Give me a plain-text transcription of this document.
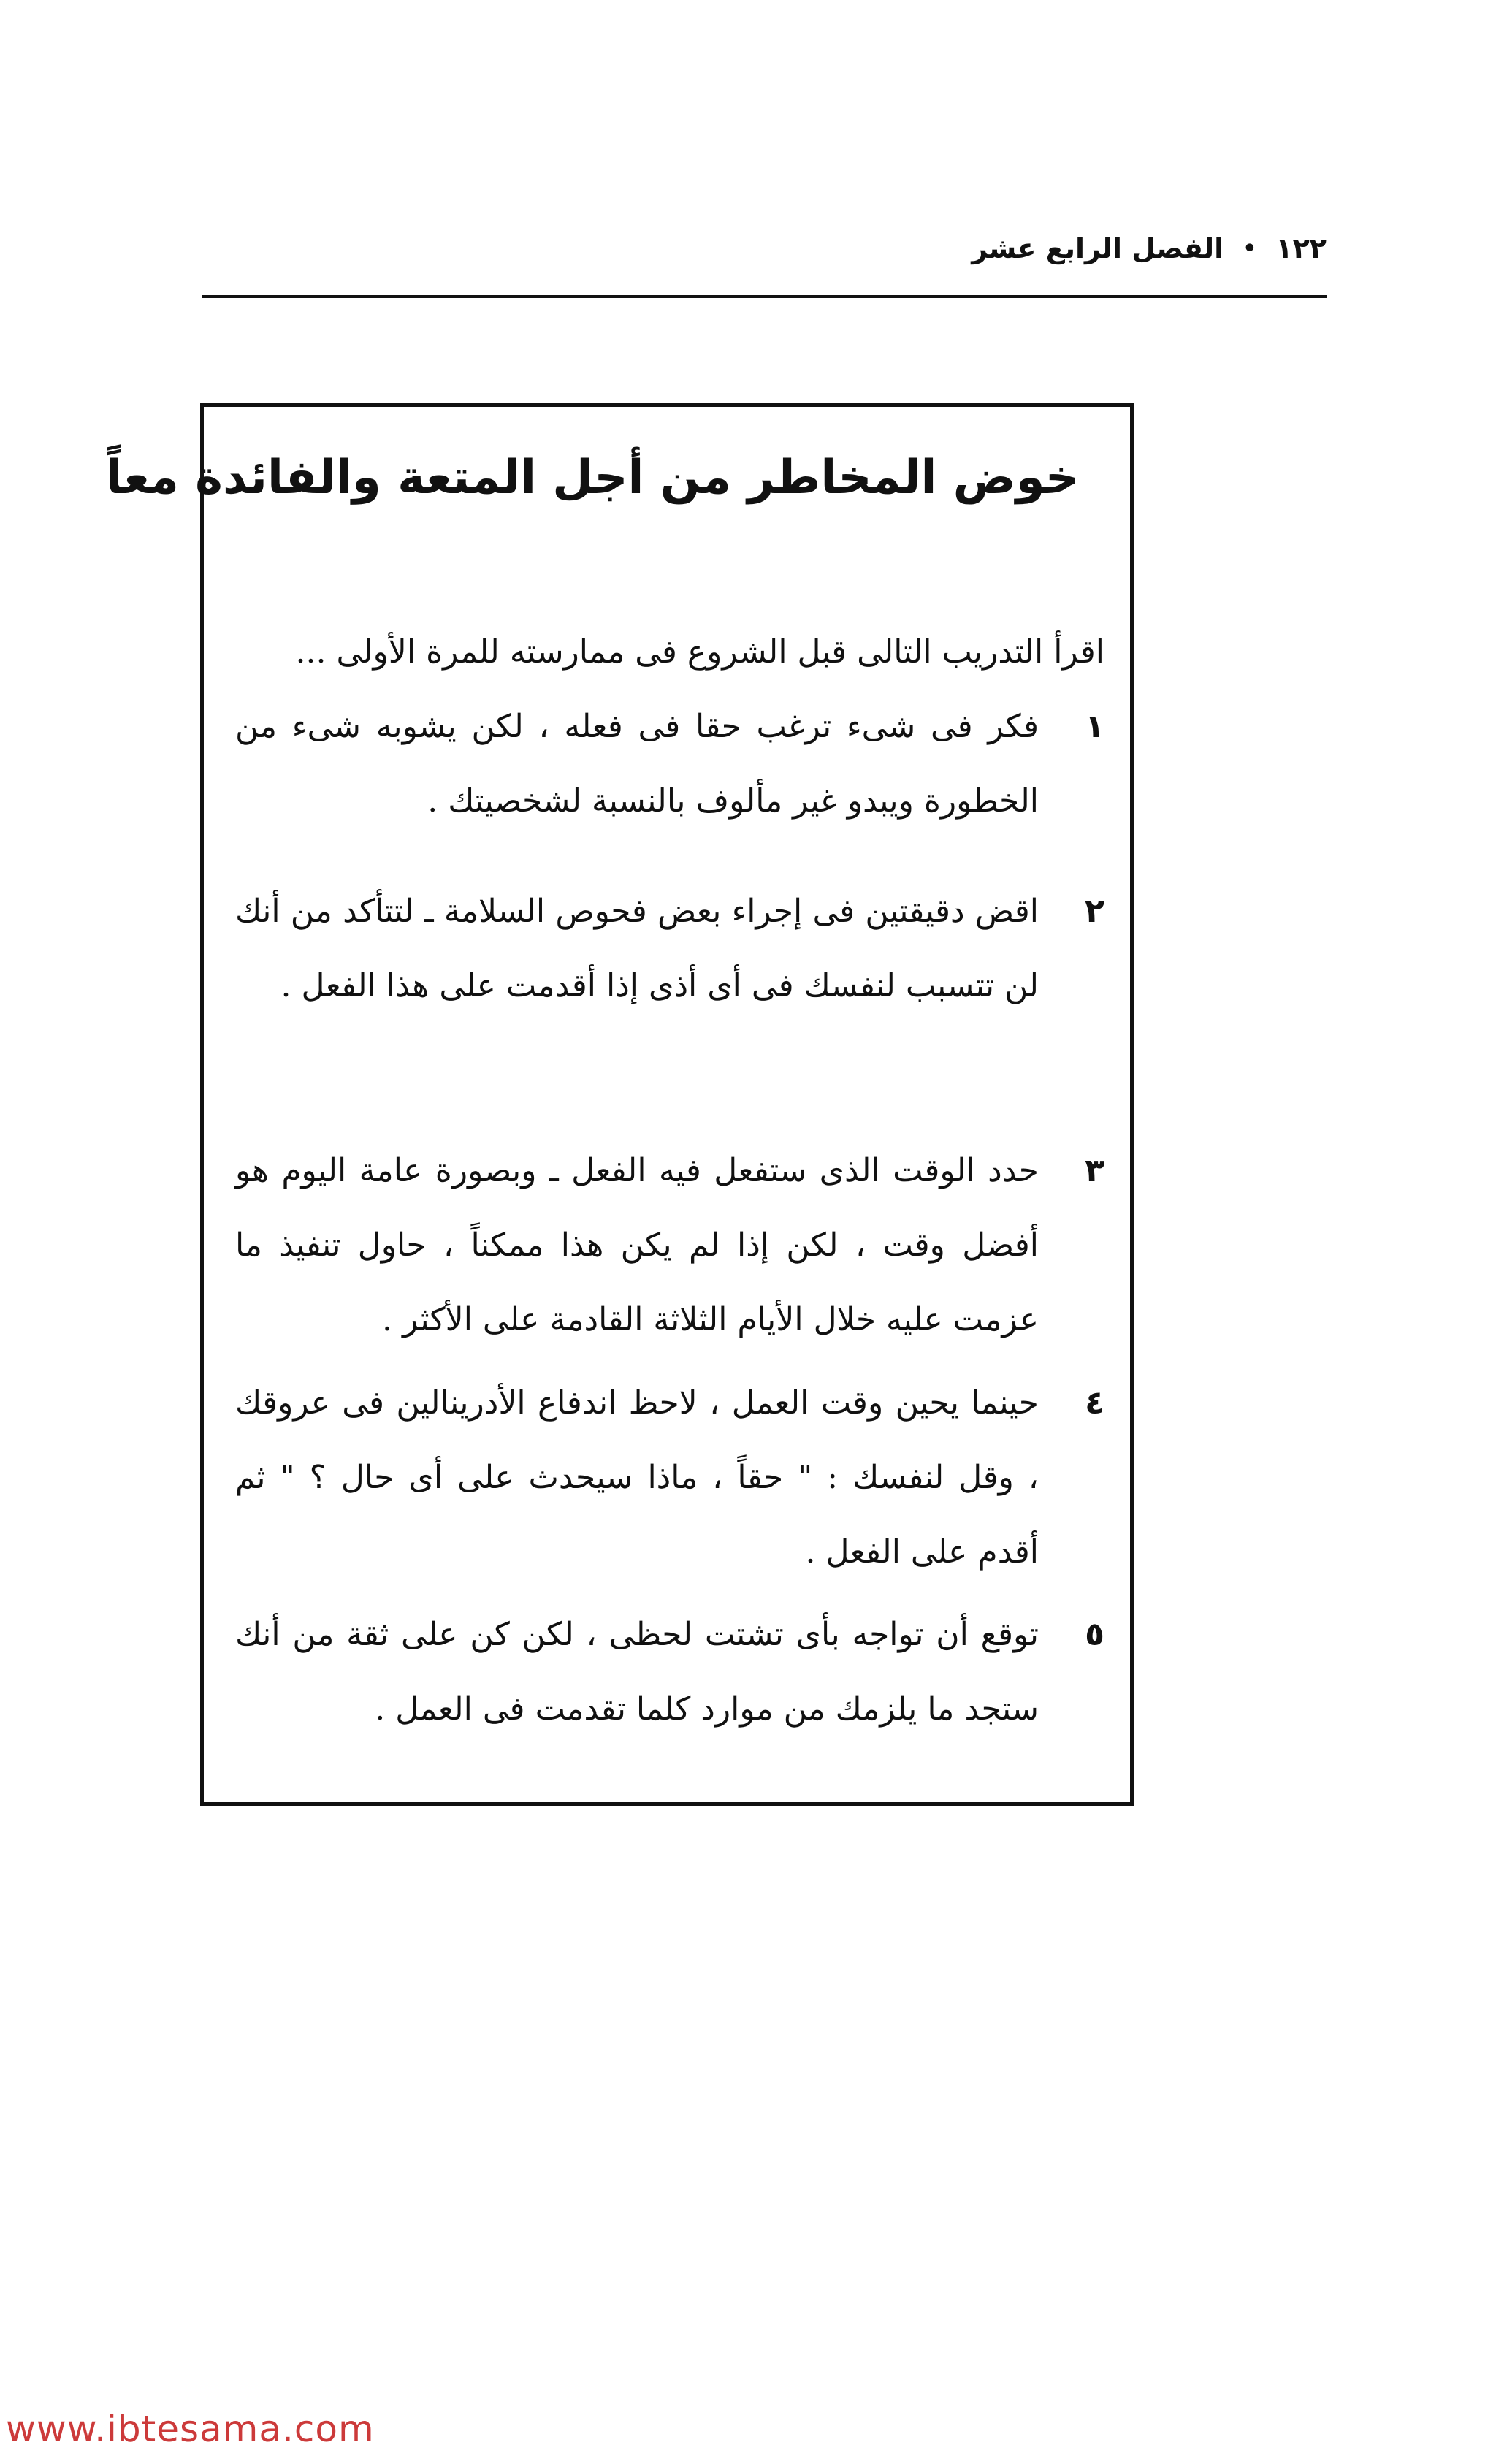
١٢٢
•
الفصل الرابع عشر
خوض المخاطر من أجل المتعة والفائدة معاً
اقرأ التدريب التالى قبل الشروع فى ممارسته للمرة الأولى ...
١
فكر فى شىء ترغب حقا فى فعله ، لكن يشوبه شىء من الخطورة ويبدو غير مألوف بالنسبة لشخصيتك .
٢
اقض دقيقتين فى إجراء بعض فحوص السلامة ـ لتتأكد من أنك لن تتسبب لنفسك فى أى أذى إذا أقدمت على هذا الفعل .
٣
حدد الوقت الذى ستفعل فيه الفعل ـ وبصورة عامة اليوم هو أفضل وقت ، لكن إذا لم يكن هذا ممكناً ، حاول تنفيذ ما عزمت عليه خلال الأيام الثلاثة القادمة على الأكثر .
٤
حينما يحين وقت العمل ، لاحظ اندفاع الأدرينالين فى عروقك ، وقل لنفسك : " حقاً ، ماذا سيحدث على أى حال ؟ " ثم أقدم على الفعل .
٥
توقع أن تواجه بأى تشتت لحظى ، لكن كن على ثقة من أنك ستجد ما يلزمك من موارد كلما تقدمت فى العمل .
www.ibtesama.com
